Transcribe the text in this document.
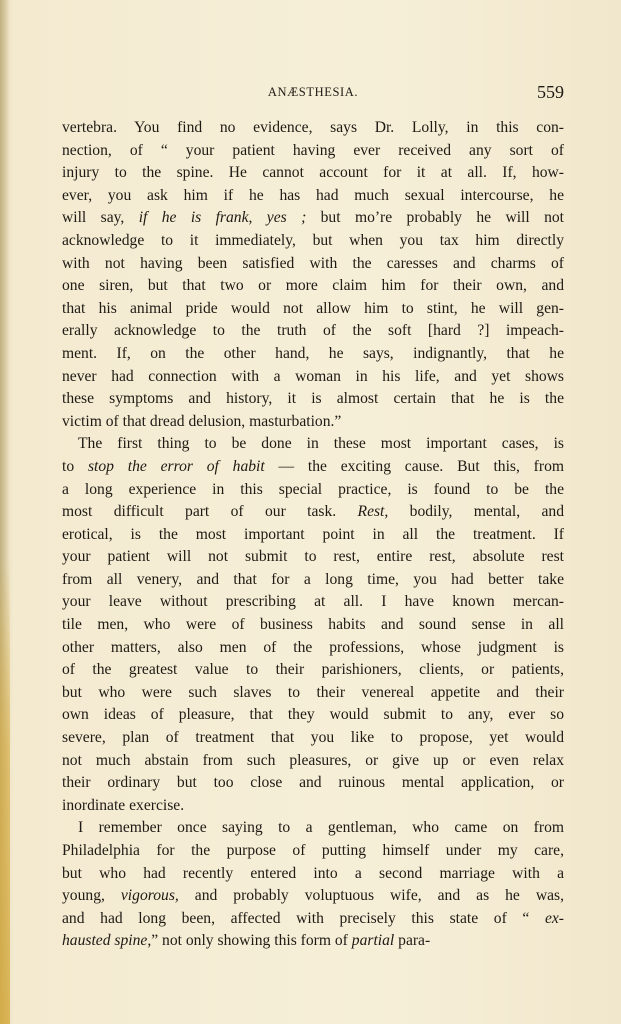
ANÆSTHESIA.	559
vertebra. You find no evidence, says Dr. Lolly, in this con-
nection, of “ your patient having ever received any sort of
injury to the spine. He cannot account for it at all. If, how-
ever, you ask him if he has had much sexual intercourse, he
will say, if he is frank, yes ; but mo’re probably he will not
acknowledge to it immediately, but when you tax him directly
with not having been satisfied with the caresses and charms of
one siren, but that two or more claim him for their own, and
that his animal pride would not allow him to stint, he will gen-
erally acknowledge to the truth of the soft [hard ?] impeach-
ment. If, on the other hand, he says, indignantly, that he
never had connection with a woman in his life, and yet shows
these symptoms and history, it is almost certain that he is the
victim of that dread delusion, masturbation.”
The first thing to be done in these most important cases, is
to stop the error of habit — the exciting cause. But this, from
a long experience in this special practice, is found to be the
most difficult part of our task. Rest, bodily, mental, and
erotical, is the most important point in all the treatment. If
your patient will not submit to rest, entire rest, absolute rest
from all venery, and that for a long time, you had better take
your leave without prescribing at all. I have known mercan-
tile men, who were of business habits and sound sense in all
other matters, also men of the professions, whose judgment is
of the greatest value to their parishioners, clients, or patients,
but who were such slaves to their venereal appetite and their
own ideas of pleasure, that they would submit to any, ever so
severe, plan of treatment that you like to propose, yet would
not much abstain from such pleasures, or give up or even relax
their ordinary but too close and ruinous mental application, or
inordinate exercise.
I remember once saying to a gentleman, who came on from
Philadelphia for the purpose of putting himself under my care,
but who had recently entered into a second marriage with a
young, vigorous, and probably voluptuous wife, and as he was,
and had long been, affected with precisely this state of “ ex-
hausted spine,” not only showing this form of partial para-
